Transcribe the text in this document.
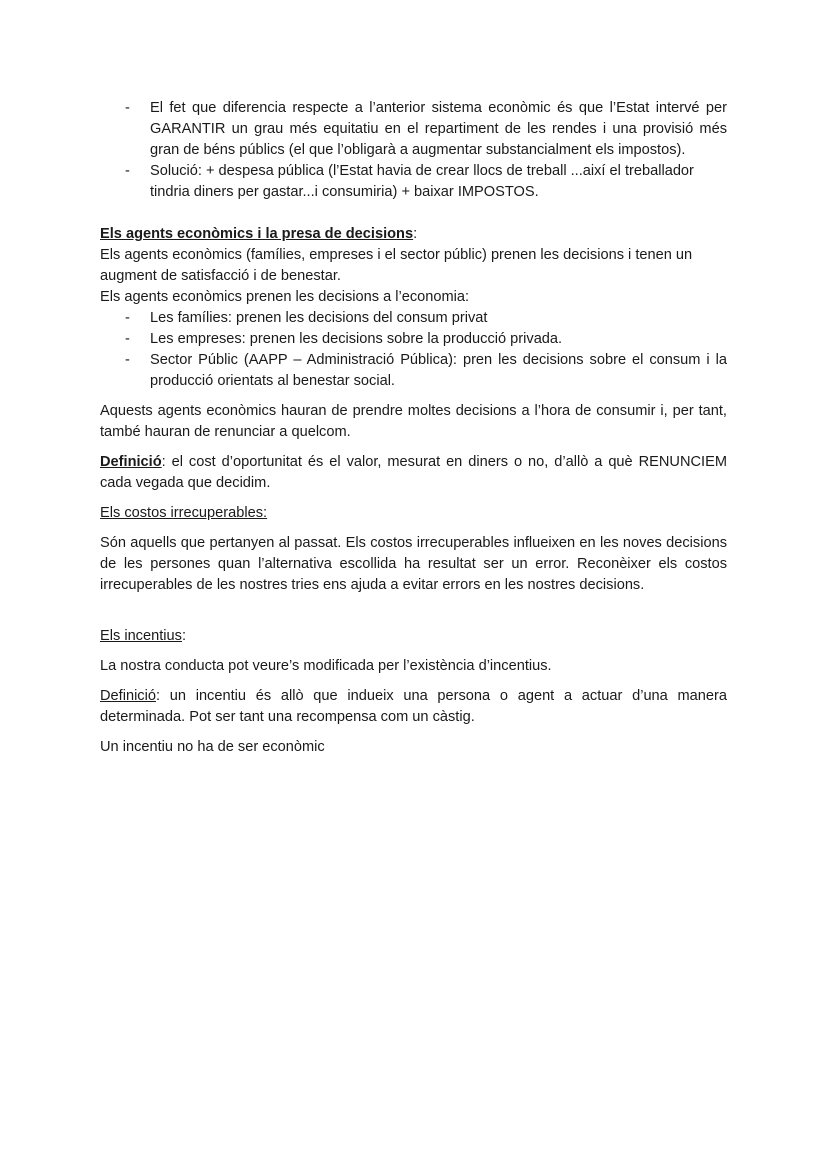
- El fet que diferencia respecte a l’anterior sistema econòmic és que l’Estat intervé per GARANTIR un grau més equitatiu en el repartiment de les rendes i una provisió més gran de béns públics (el que l’obligarà a augmentar substancialment els impostos).
- Solució: + despesa pública (l’Estat havia de crear llocs de treball ...així el treballador tindria diners per gastar...i consumiria) + baixar IMPOSTOS.

Els agents econòmics i la presa de decisions:

Els agents econòmics (famílies, empreses i el sector públic) prenen les decisions i tenen un augment de satisfacció i de benestar.

Els agents econòmics prenen les decisions a l’economia:

- Les famílies: prenen les decisions del consum privat
- Les empreses: prenen les decisions sobre la producció privada.
- Sector Públic (AAPP – Administració Pública): pren les decisions sobre el consum i la producció orientats al benestar social.

Aquests agents econòmics hauran de prendre moltes decisions a l’hora de consumir i, per tant, també hauran de renunciar a quelcom.

Definició: el cost d’oportunitat és el valor, mesurat en diners o no, d’allò a què RENUNCIEM cada vegada que decidim.

Els costos irrecuperables:

Són aquells que pertanyen al passat. Els costos irrecuperables influeixen en les noves decisions de les persones quan l’alternativa escollida ha resultat ser un error. Reconèixer els costos irrecuperables de les nostres tries ens ajuda a evitar errors en les nostres decisions.

Els incentius:

La nostra conducta pot veure’s modificada per l’existència d’incentius.

Definició: un incentiu és allò que indueix una persona o agent a actuar d’una manera determinada. Pot ser tant una recompensa com un càstig.

Un incentiu no ha de ser econòmic
